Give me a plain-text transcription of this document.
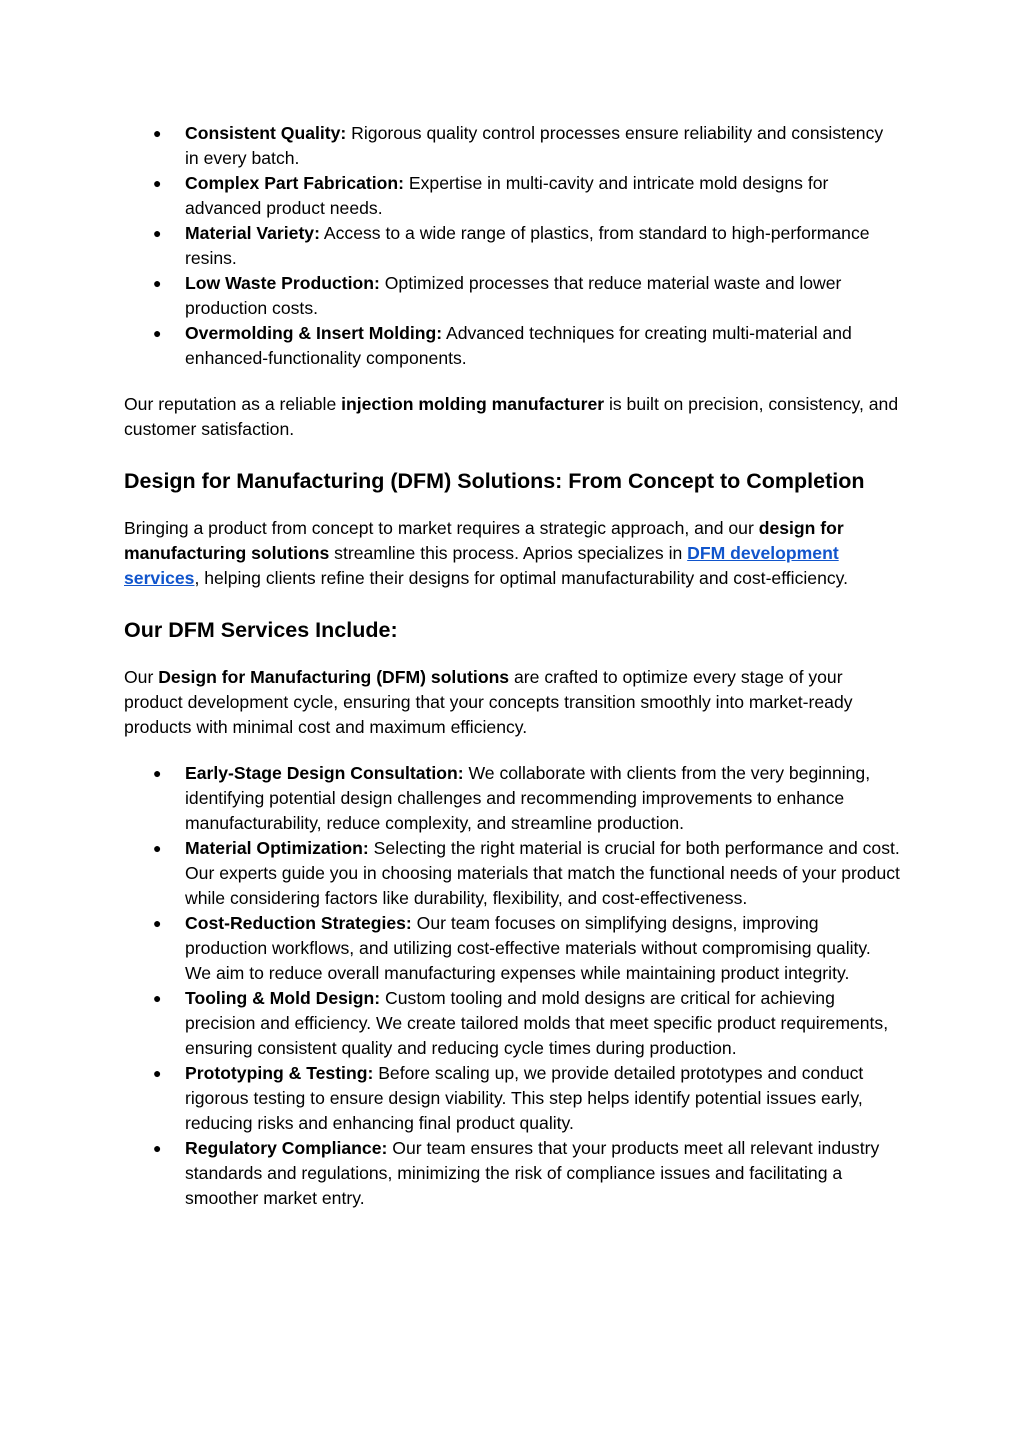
● Consistent Quality: Rigorous quality control processes ensure reliability and consistency in every batch.
● Complex Part Fabrication: Expertise in multi-cavity and intricate mold designs for advanced product needs.
● Material Variety: Access to a wide range of plastics, from standard to high-performance resins.
● Low Waste Production: Optimized processes that reduce material waste and lower production costs.
● Overmolding & Insert Molding: Advanced techniques for creating multi-material and enhanced-functionality components.

Our reputation as a reliable injection molding manufacturer is built on precision, consistency, and customer satisfaction.

Design for Manufacturing (DFM) Solutions: From Concept to Completion

Bringing a product from concept to market requires a strategic approach, and our design for manufacturing solutions streamline this process. Aprios specializes in DFM development services, helping clients refine their designs for optimal manufacturability and cost-efficiency.

Our DFM Services Include:

Our Design for Manufacturing (DFM) solutions are crafted to optimize every stage of your product development cycle, ensuring that your concepts transition smoothly into market-ready products with minimal cost and maximum efficiency.

● Early-Stage Design Consultation: We collaborate with clients from the very beginning, identifying potential design challenges and recommending improvements to enhance manufacturability, reduce complexity, and streamline production.
● Material Optimization: Selecting the right material is crucial for both performance and cost. Our experts guide you in choosing materials that match the functional needs of your product while considering factors like durability, flexibility, and cost-effectiveness.
● Cost-Reduction Strategies: Our team focuses on simplifying designs, improving production workflows, and utilizing cost-effective materials without compromising quality. We aim to reduce overall manufacturing expenses while maintaining product integrity.
● Tooling & Mold Design: Custom tooling and mold designs are critical for achieving precision and efficiency. We create tailored molds that meet specific product requirements, ensuring consistent quality and reducing cycle times during production.
● Prototyping & Testing: Before scaling up, we provide detailed prototypes and conduct rigorous testing to ensure design viability. This step helps identify potential issues early, reducing risks and enhancing final product quality.
● Regulatory Compliance: Our team ensures that your products meet all relevant industry standards and regulations, minimizing the risk of compliance issues and facilitating a smoother market entry.
